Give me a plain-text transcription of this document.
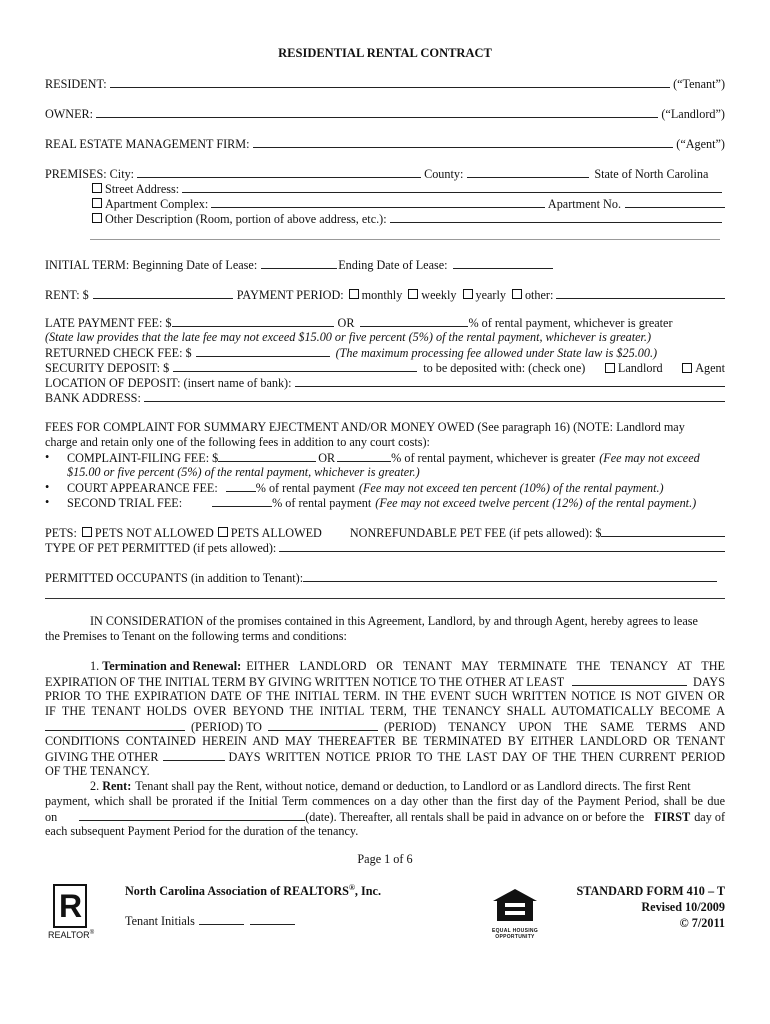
RESIDENTIAL RENTAL CONTRACT
RESIDENT:	(“Tenant”)
OWNER:	(“Landlord”)
REAL ESTATE MANAGEMENT FIRM:	(“Agent”)
PREMISES: City:	County:	State of North Carolina
Street Address:
Apartment Complex:	Apartment No.
Other Description (Room, portion of above address, etc.):
INITIAL TERM: Beginning Date of Lease:	Ending Date of Lease:
RENT: $	PAYMENT PERIOD: monthly weekly yearly other:
LATE PAYMENT FEE: $	OR	% of rental payment, whichever is greater
(State law provides that the late fee may not exceed $15.00 or five percent (5%) of the rental payment, whichever is greater.)
RETURNED CHECK FEE: $	(The maximum processing fee allowed under State law is $25.00.)
SECURITY DEPOSIT: $	to be deposited with: (check one)	Landlord	Agent
LOCATION OF DEPOSIT: (insert name of bank):
BANK ADDRESS:
FEES FOR COMPLAINT FOR SUMMARY EJECTMENT AND/OR MONEY OWED (See paragraph 16) (NOTE: Landlord may
charge and retain only one of the following fees in addition to any court costs):
• COMPLAINT-FILING FEE: $	OR	% of rental payment, whichever is greater (Fee may not exceed
$15.00 or five percent (5%) of the rental payment, whichever is greater.)
• COURT APPEARANCE FEE:	% of rental payment (Fee may not exceed ten percent (10%) of the rental payment.)
• SECOND TRIAL FEE:	% of rental payment (Fee may not exceed twelve percent (12%) of the rental payment.)
PETS: PETS NOT ALLOWED PETS ALLOWED NONREFUNDABLE PET FEE (if pets allowed): $
TYPE OF PET PERMITTED (if pets allowed):
PERMITTED OCCUPANTS (in addition to Tenant):
IN CONSIDERATION of the promises contained in this Agreement, Landlord, by and through Agent, hereby agrees to lease
the Premises to Tenant on the following terms and conditions:
1. Termination and Renewal: EITHER LANDLORD OR TENANT MAY TERMINATE THE TENANCY AT THE
EXPIRATION OF THE INITIAL TERM BY GIVING WRITTEN NOTICE TO THE OTHER AT LEAST	DAYS
PRIOR TO THE EXPIRATION DATE OF THE INITIAL TERM. IN THE EVENT SUCH WRITTEN NOTICE IS NOT GIVEN OR
IF THE TENANT HOLDS OVER BEYOND THE INITIAL TERM, THE TENANCY SHALL AUTOMATICALLY BECOME A
(PERIOD) TO	(PERIOD) TENANCY UPON THE SAME TERMS AND
CONDITIONS CONTAINED HEREIN AND MAY THEREAFTER BE TERMINATED BY EITHER LANDLORD OR TENANT
GIVING THE OTHER	DAYS WRITTEN NOTICE PRIOR TO THE LAST DAY OF THE THEN CURRENT PERIOD
OF THE TENANCY.
2. Rent: Tenant shall pay the Rent, without notice, demand or deduction, to Landlord or as Landlord directs. The first Rent
payment, which shall be prorated if the Initial Term commences on a day other than the first day of the Payment Period, shall be due
on	(date). Thereafter, all rentals shall be paid in advance on or before the FIRST day of
each subsequent Payment Period for the duration of the tenancy.
Page 1 of 6
R
REALTOR®
North Carolina Association of REALTORS®, Inc.
Tenant Initials
EQUAL HOUSING
OPPORTUNITY
STANDARD FORM 410 – T
Revised 10/2009
© 7/2011
